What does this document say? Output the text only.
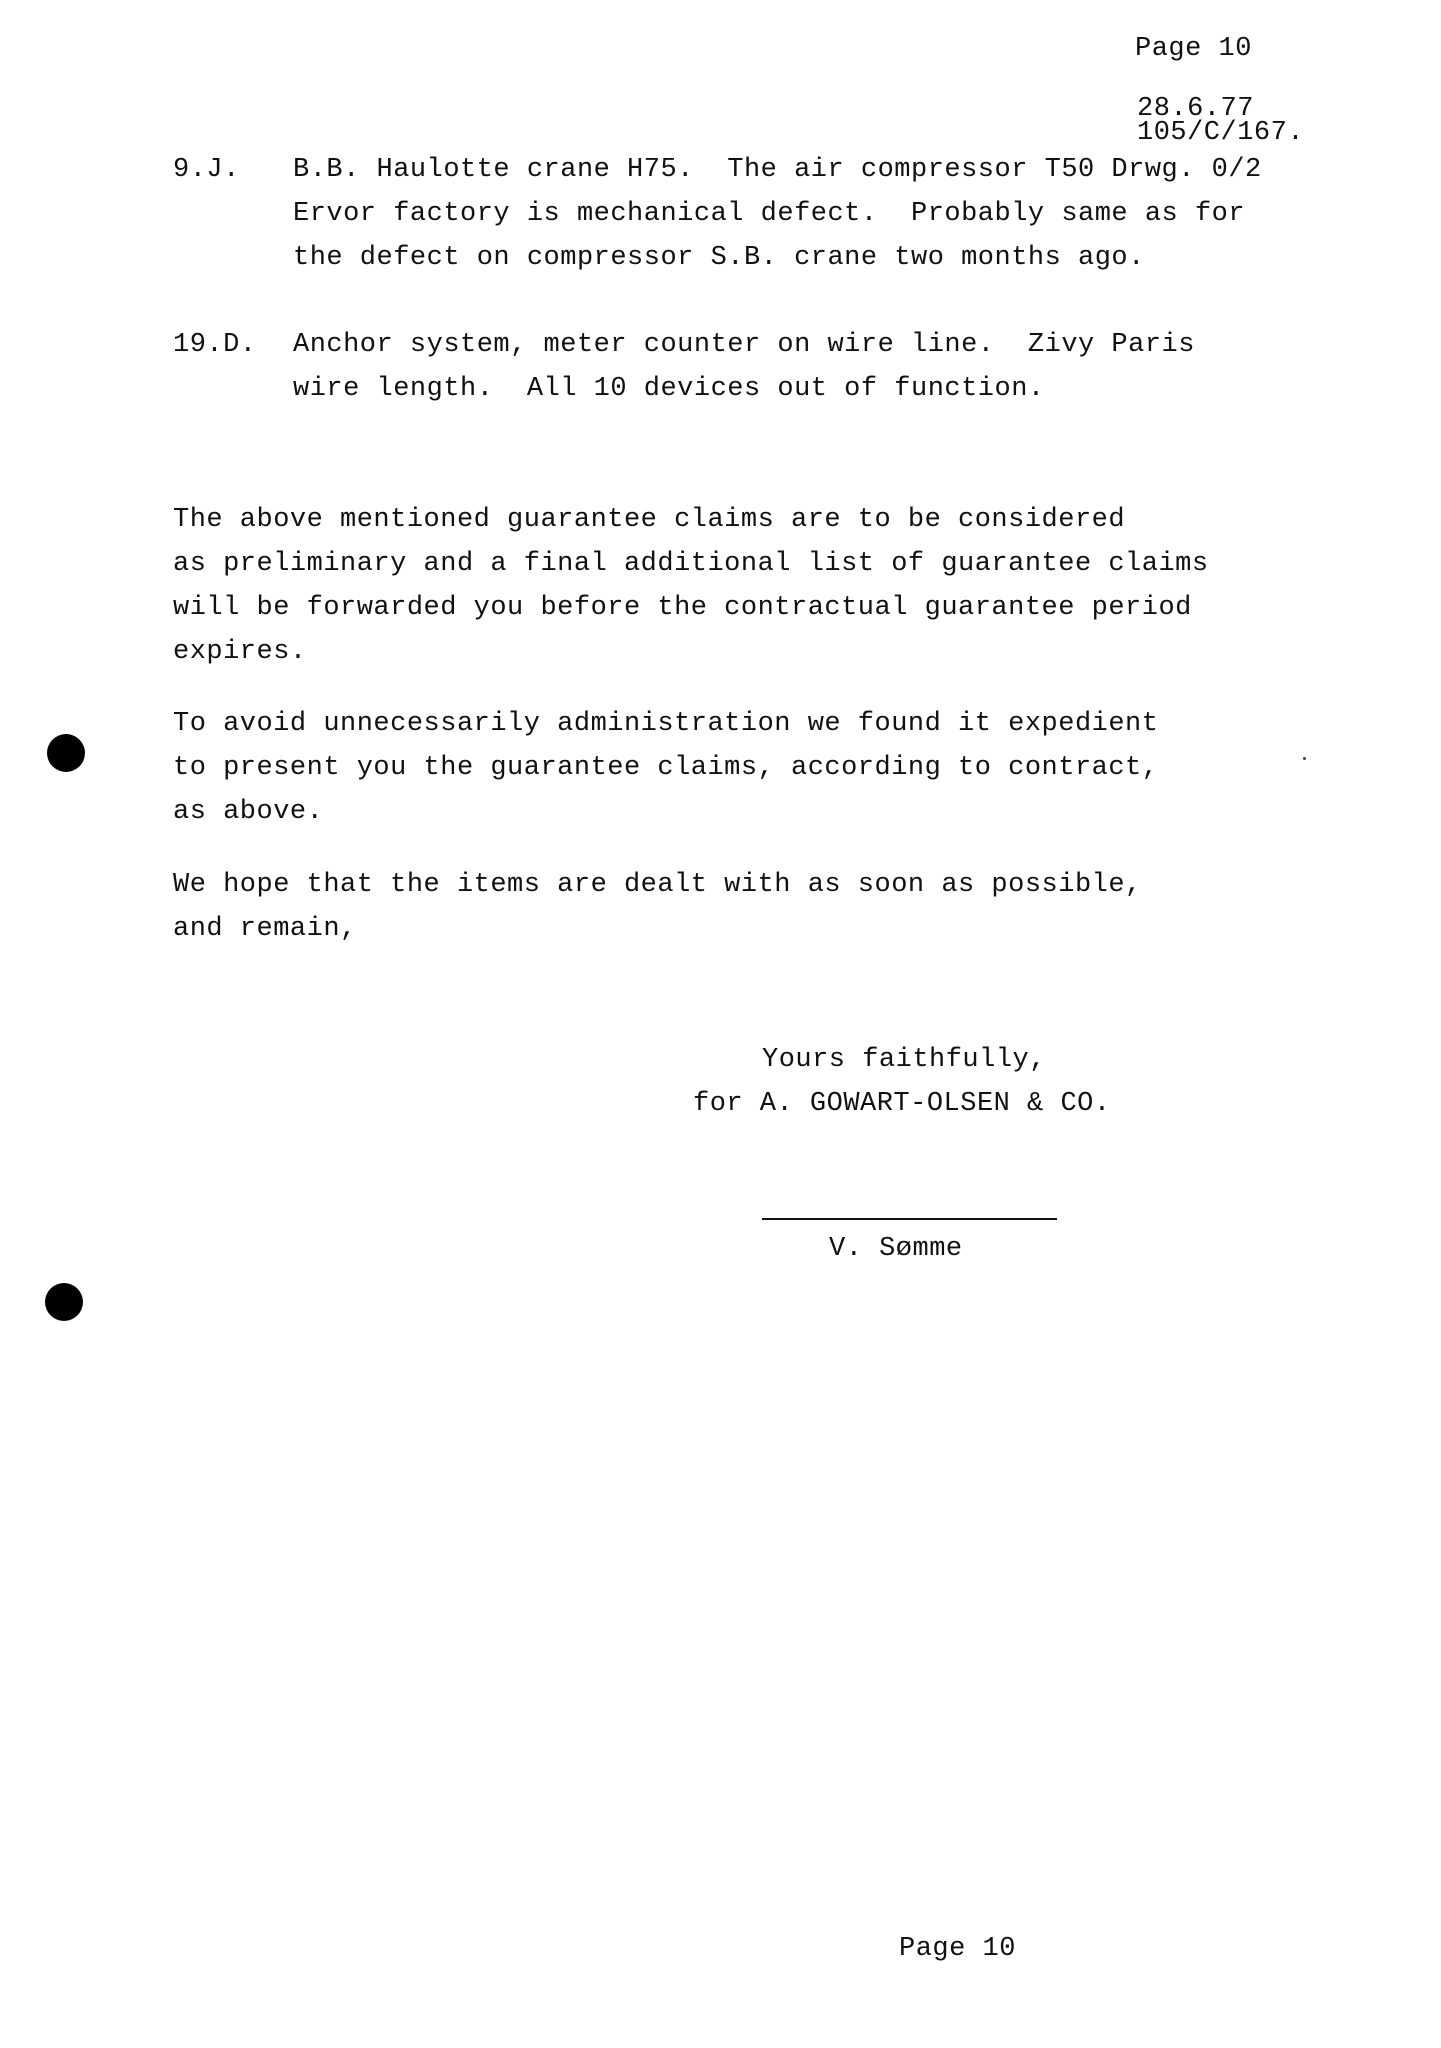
Page 10
28.6.77
105/C/167.
9.J. B.B. Haulotte crane H75.  The air compressor T50 Drwg. 0/2
Ervor factory is mechanical defect.  Probably same as for
the defect on compressor S.B. crane two months ago.
19.D. Anchor system, meter counter on wire line.  Zivy Paris
wire length.  All 10 devices out of function.
The above mentioned guarantee claims are to be considered
as preliminary and a final additional list of guarantee claims
will be forwarded you before the contractual guarantee period
expires.
To avoid unnecessarily administration we found it expedient
to present you the guarantee claims, according to contract,
as above.
We hope that the items are dealt with as soon as possible,
and remain,
Yours faithfully,
for A. GOWART-OLSEN & CO.
V. Sømme
Page 10
